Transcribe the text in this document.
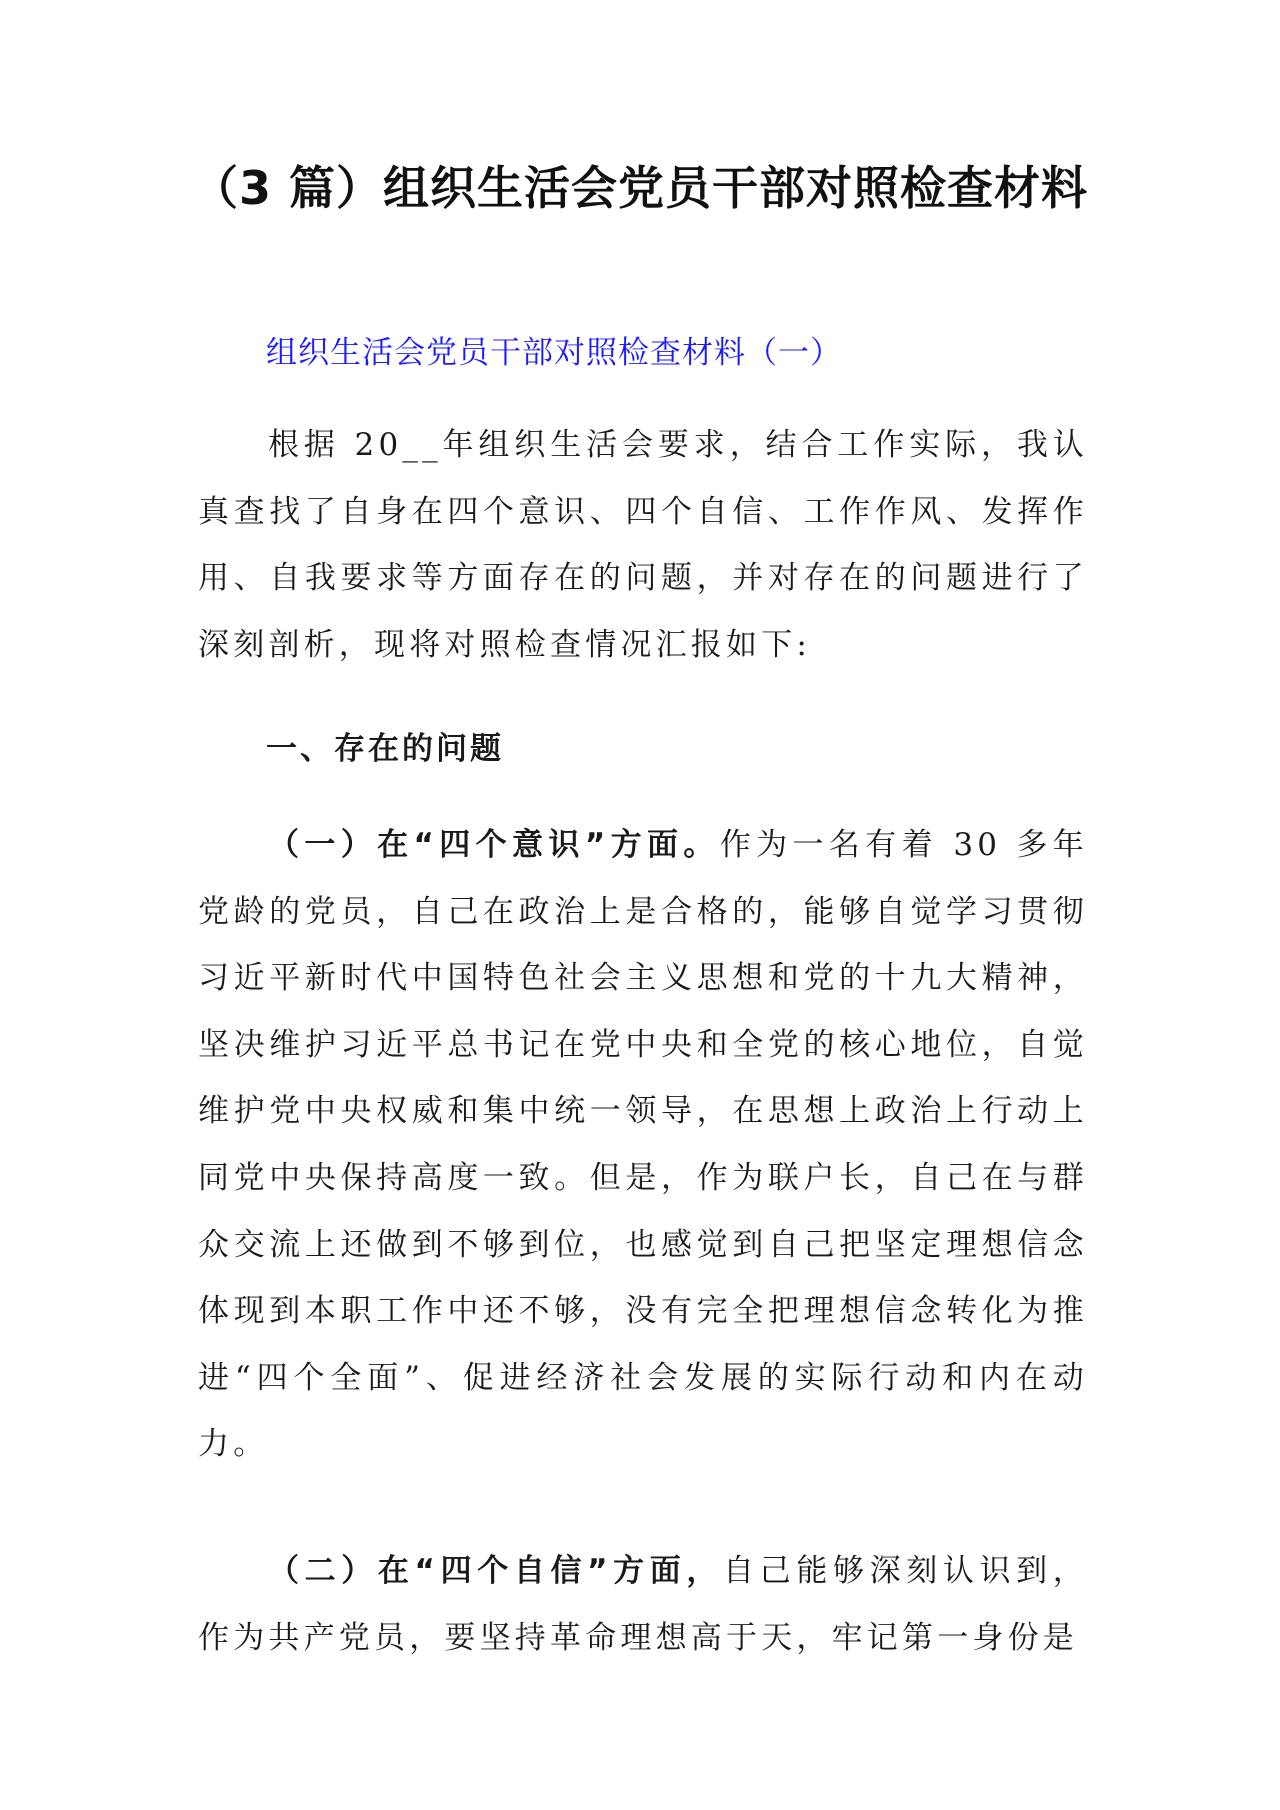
（3 篇）组织生活会党员干部对照检查材料

组织生活会党员干部对照检查材料（一）

根据 20__年组织生活会要求，结合工作实际，我认真查找了自身在四个意识、四个自信、工作作风、发挥作用、自我要求等方面存在的问题，并对存在的问题进行了深刻剖析，现将对照检查情况汇报如下:

一、存在的问题

（一）在“四个意识”方面。作为一名有着 30 多年党龄的党员，自己在政治上是合格的，能够自觉学习贯彻习近平新时代中国特色社会主义思想和党的十九大精神，坚决维护习近平总书记在党中央和全党的核心地位，自觉维护党中央权威和集中统一领导，在思想上政治上行动上同党中央保持高度一致。但是，作为联户长，自己在与群众交流上还做到不够到位，也感觉到自己把坚定理想信念体现到本职工作中还不够，没有完全把理想信念转化为推进“四个全面”、促进经济社会发展的实际行动和内在动力。

（二）在“四个自信”方面，自己能够深刻认识到，作为共产党员，要坚持革命理想高于天，牢记第一身份是
